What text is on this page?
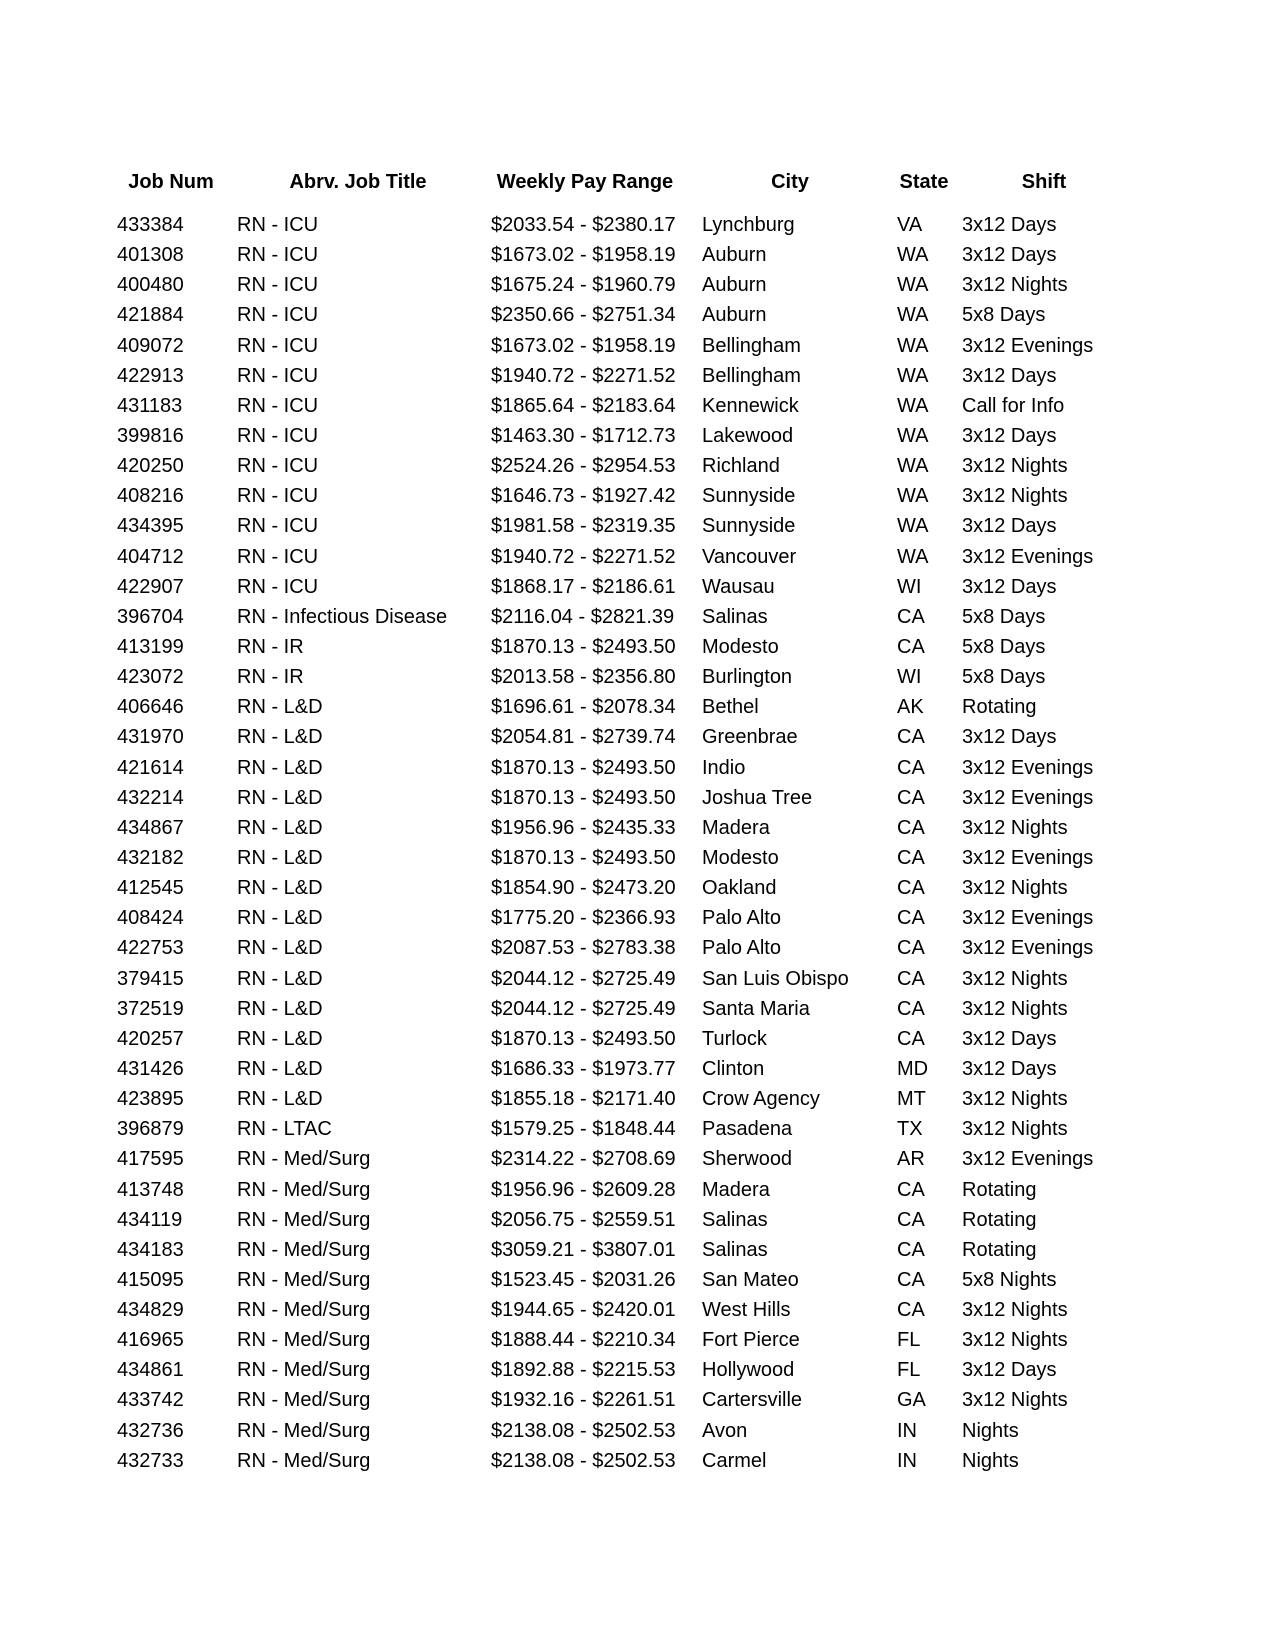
Job Num	Abrv. Job Title	Weekly Pay Range	City	State	Shift
433384	RN - ICU	$2033.54 - $2380.17 Lynchburg	VA 3x12 Days
401308	RN - ICU	$1673.02 - $1958.19 Auburn	WA 3x12 Days
400480	RN - ICU	$1675.24 - $1960.79 Auburn	WA 3x12 Nights
421884	RN - ICU	$2350.66 - $2751.34 Auburn	WA 5x8 Days
409072	RN - ICU	$1673.02 - $1958.19 Bellingham	WA 3x12 Evenings
422913	RN - ICU	$1940.72 - $2271.52 Bellingham	WA 3x12 Days
431183	RN - ICU	$1865.64 - $2183.64 Kennewick	WA Call for Info
399816	RN - ICU	$1463.30 - $1712.73 Lakewood	WA 3x12 Days
420250	RN - ICU	$2524.26 - $2954.53 Richland	WA 3x12 Nights
408216	RN - ICU	$1646.73 - $1927.42 Sunnyside	WA 3x12 Nights
434395	RN - ICU	$1981.58 - $2319.35 Sunnyside	WA 3x12 Days
404712	RN - ICU	$1940.72 - $2271.52 Vancouver	WA 3x12 Evenings
422907	RN - ICU	$1868.17 - $2186.61 Wausau	WI 3x12 Days
396704	RN - Infectious Disease $2116.04 - $2821.39 Salinas	CA 5x8 Days
413199	RN - IR	$1870.13 - $2493.50 Modesto	CA 5x8 Days
423072	RN - IR	$2013.58 - $2356.80 Burlington	WI 5x8 Days
406646	RN - L&D	$1696.61 - $2078.34 Bethel	AK Rotating
431970	RN - L&D	$2054.81 - $2739.74 Greenbrae	CA 3x12 Days
421614	RN - L&D	$1870.13 - $2493.50 Indio	CA 3x12 Evenings
432214	RN - L&D	$1870.13 - $2493.50 Joshua Tree	CA 3x12 Evenings
434867	RN - L&D	$1956.96 - $2435.33 Madera	CA 3x12 Nights
432182	RN - L&D	$1870.13 - $2493.50 Modesto	CA 3x12 Evenings
412545	RN - L&D	$1854.90 - $2473.20 Oakland	CA 3x12 Nights
408424	RN - L&D	$1775.20 - $2366.93 Palo Alto	CA 3x12 Evenings
422753	RN - L&D	$2087.53 - $2783.38 Palo Alto	CA 3x12 Evenings
379415	RN - L&D	$2044.12 - $2725.49 San Luis Obispo CA 3x12 Nights
372519	RN - L&D	$2044.12 - $2725.49 Santa Maria	CA 3x12 Nights
420257	RN - L&D	$1870.13 - $2493.50 Turlock	CA 3x12 Days
431426	RN - L&D	$1686.33 - $1973.77 Clinton	MD 3x12 Days
423895	RN - L&D	$1855.18 - $2171.40 Crow Agency	MT 3x12 Nights
396879	RN - LTAC	$1579.25 - $1848.44 Pasadena	TX 3x12 Nights
417595	RN - Med/Surg	$2314.22 - $2708.69 Sherwood	AR 3x12 Evenings
413748	RN - Med/Surg	$1956.96 - $2609.28 Madera	CA Rotating
434119	RN - Med/Surg	$2056.75 - $2559.51 Salinas	CA Rotating
434183	RN - Med/Surg	$3059.21 - $3807.01 Salinas	CA Rotating
415095	RN - Med/Surg	$1523.45 - $2031.26 San Mateo	CA 5x8 Nights
434829	RN - Med/Surg	$1944.65 - $2420.01 West Hills	CA 3x12 Nights
416965	RN - Med/Surg	$1888.44 - $2210.34 Fort Pierce	FL 3x12 Nights
434861	RN - Med/Surg	$1892.88 - $2215.53 Hollywood	FL 3x12 Days
433742	RN - Med/Surg	$1932.16 - $2261.51 Cartersville	GA 3x12 Nights
432736	RN - Med/Surg	$2138.08 - $2502.53 Avon	IN Nights
432733	RN - Med/Surg	$2138.08 - $2502.53 Carmel	IN Nights
